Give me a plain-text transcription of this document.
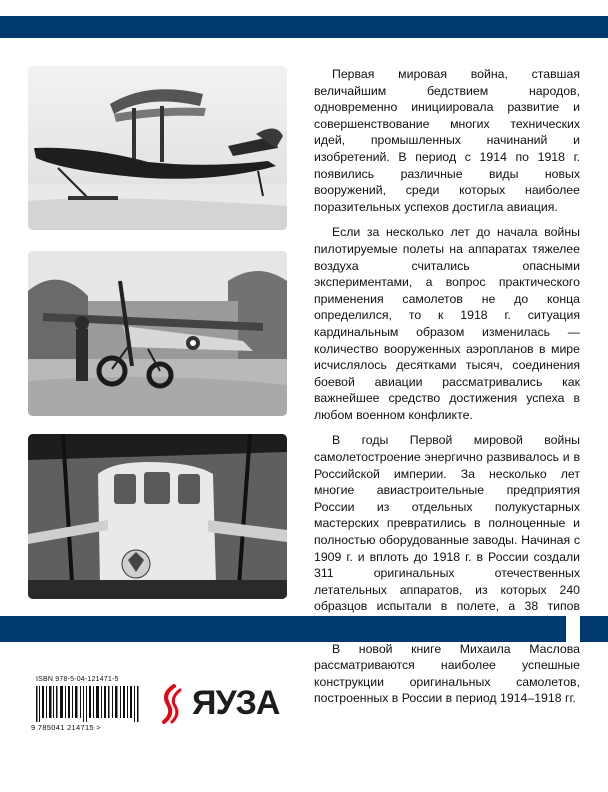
Первая мировая война, ставшая величайшим бедствием народов, одновременно инициировала развитие и совершенствование многих технических идей, промышленных начинаний и изобретений. В период с 1914 по 1918 г. появились различные виды новых вооружений, среди которых наиболее поразительных успехов достигла авиация.

Если за несколько лет до начала войны пилотируемые полеты на аппаратах тяжелее воздуха считались опасными экспериментами, а вопрос практического применения самолетов не до конца определился, то к 1918 г. ситуация кардинальным образом изменилась — количество вооруженных аэропланов в мире исчислялось десятками тысяч, соединения боевой авиации рассматривались как важнейшее средство достижения успеха в любом военном конфликте.

В годы Первой мировой войны самолетостроение энергично развивалось и в Российской империи. За несколько лет многие авиастроительные предприятия России из отдельных полукустарных мастерских превратились в полноценные и полностью оборудованные заводы. Начиная с 1909 г. и вплоть до 1918 г. в России создали 311 оригинальных отечественных летательных аппаратов, из которых 240 образцов испытали в полете, а 38 типов

В новой книге Михаила Маслова рассматриваются наиболее успешные конструкции оригинальных самолетов, построенных в России в период 1914–1918 гг.

ISBN 978-5-04-121471-5
9 785041 214715 >
ЯУЗА
